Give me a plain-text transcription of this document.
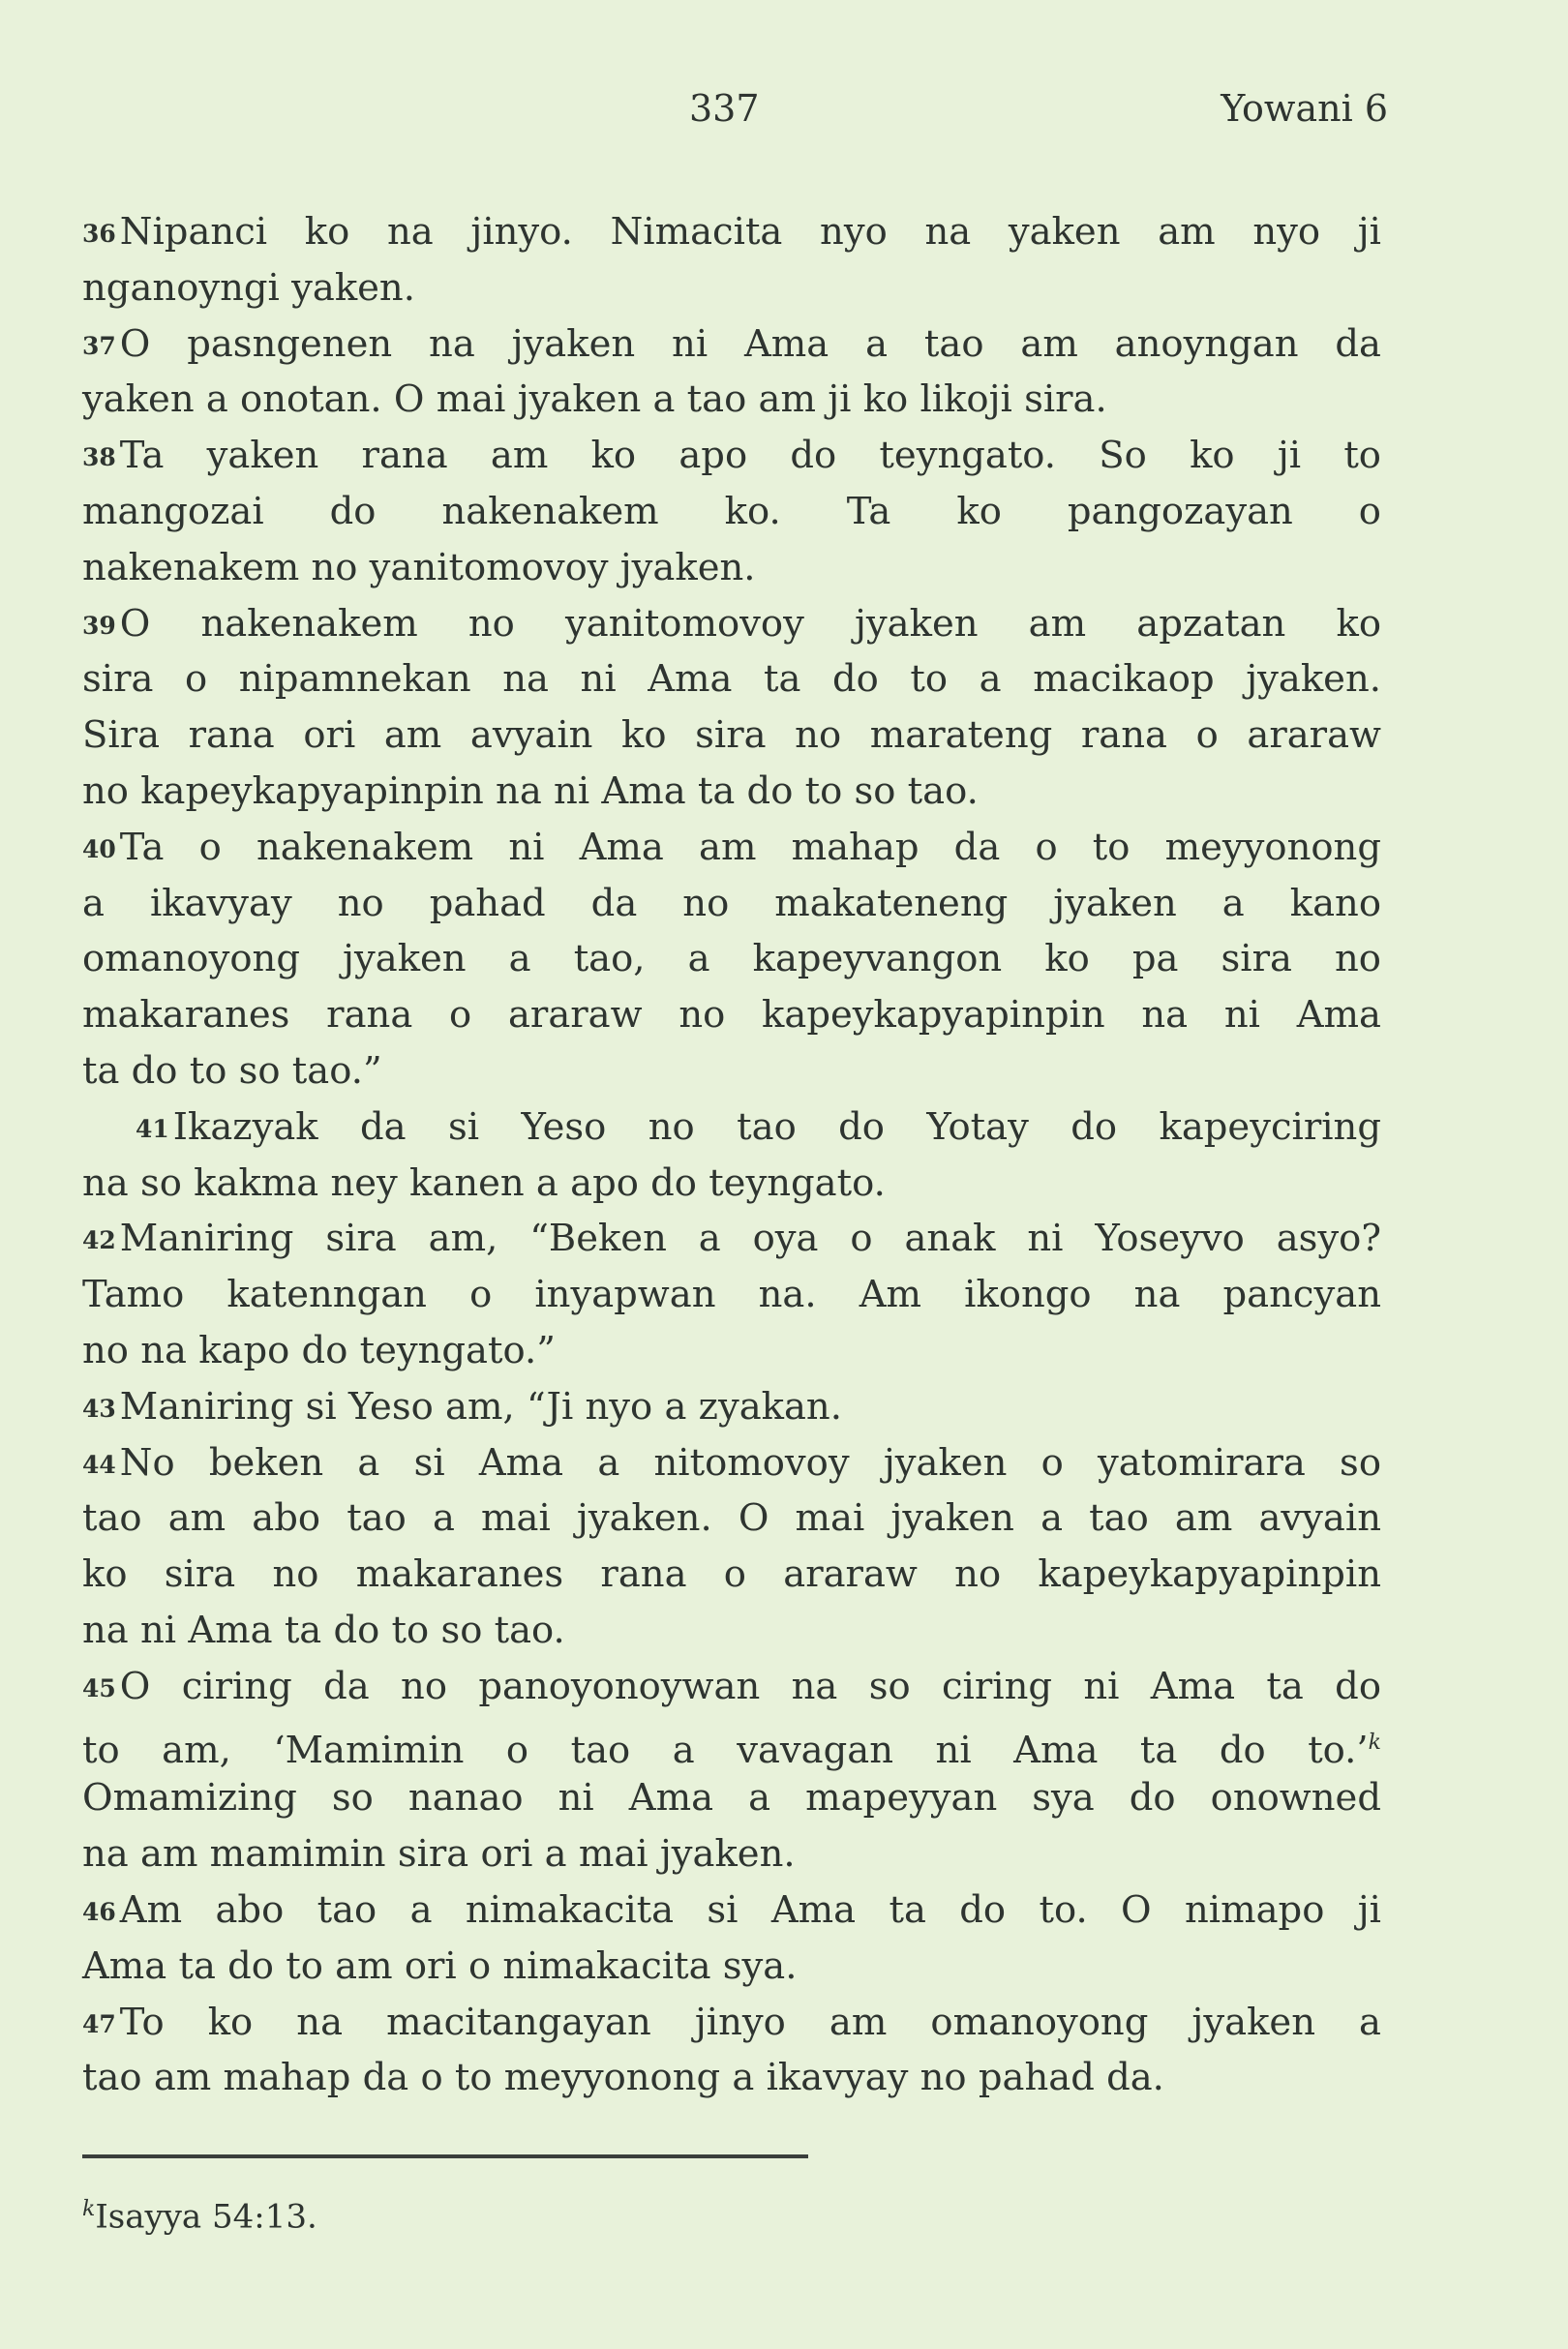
337	Yowani 6
36 Nipanci ko na jinyo. Nimacita nyo na yaken am nyo ji
nganoyngi yaken.
37 O pasngenen na jyaken ni Ama a tao am anoyngan da
yaken a onotan. O mai jyaken a tao am ji ko likoji sira.
38 Ta yaken rana am ko apo do teyngato. So ko ji to
mangozai do nakenakem ko. Ta ko pangozayan o
nakenakem no yanitomovoy jyaken.
39 O nakenakem no yanitomovoy jyaken am apzatan ko
sira o nipamnekan na ni Ama ta do to a macikaop jyaken.
Sira rana ori am avyain ko sira no marateng rana o araraw
no kapeykapyapinpin na ni Ama ta do to so tao.
40 Ta o nakenakem ni Ama am mahap da o to meyyonong
a ikavyay no pahad da no makateneng jyaken a kano
omanoyong jyaken a tao, a kapeyvangon ko pa sira no
makaranes rana o araraw no kapeykapyapinpin na ni Ama
ta do to so tao.”
41 Ikazyak da si Yeso no tao do Yotay do kapeyciring
na so kakma ney kanen a apo do teyngato.
42 Maniring sira am, “Beken a oya o anak ni Yoseyvo asyo?
Tamo katenngan o inyapwan na. Am ikongo na pancyan
no na kapo do teyngato.”
43 Maniring si Yeso am, “Ji nyo a zyakan.
44 No beken a si Ama a nitomovoy jyaken o yatomirara so
tao am abo tao a mai jyaken. O mai jyaken a tao am avyain
ko sira no makaranes rana o araraw no kapeykapyapinpin
na ni Ama ta do to so tao.
45 O ciring da no panoyonoywan na so ciring ni Ama ta do
to am, ‘Mamimin o tao a vavagan ni Ama ta do to.’$^k$
Omamizing so nanao ni Ama a mapeyyan sya do onowned
na am mamimin sira ori a mai jyaken.
46 Am abo tao a nimakacita si Ama ta do to. O nimapo ji
Ama ta do to am ori o nimakacita sya.
47 To ko na macitangayan jinyo am omanoyong jyaken a
tao am mahap da o to meyyonong a ikavyay no pahad da.
$^k$Isayya 54:13.
